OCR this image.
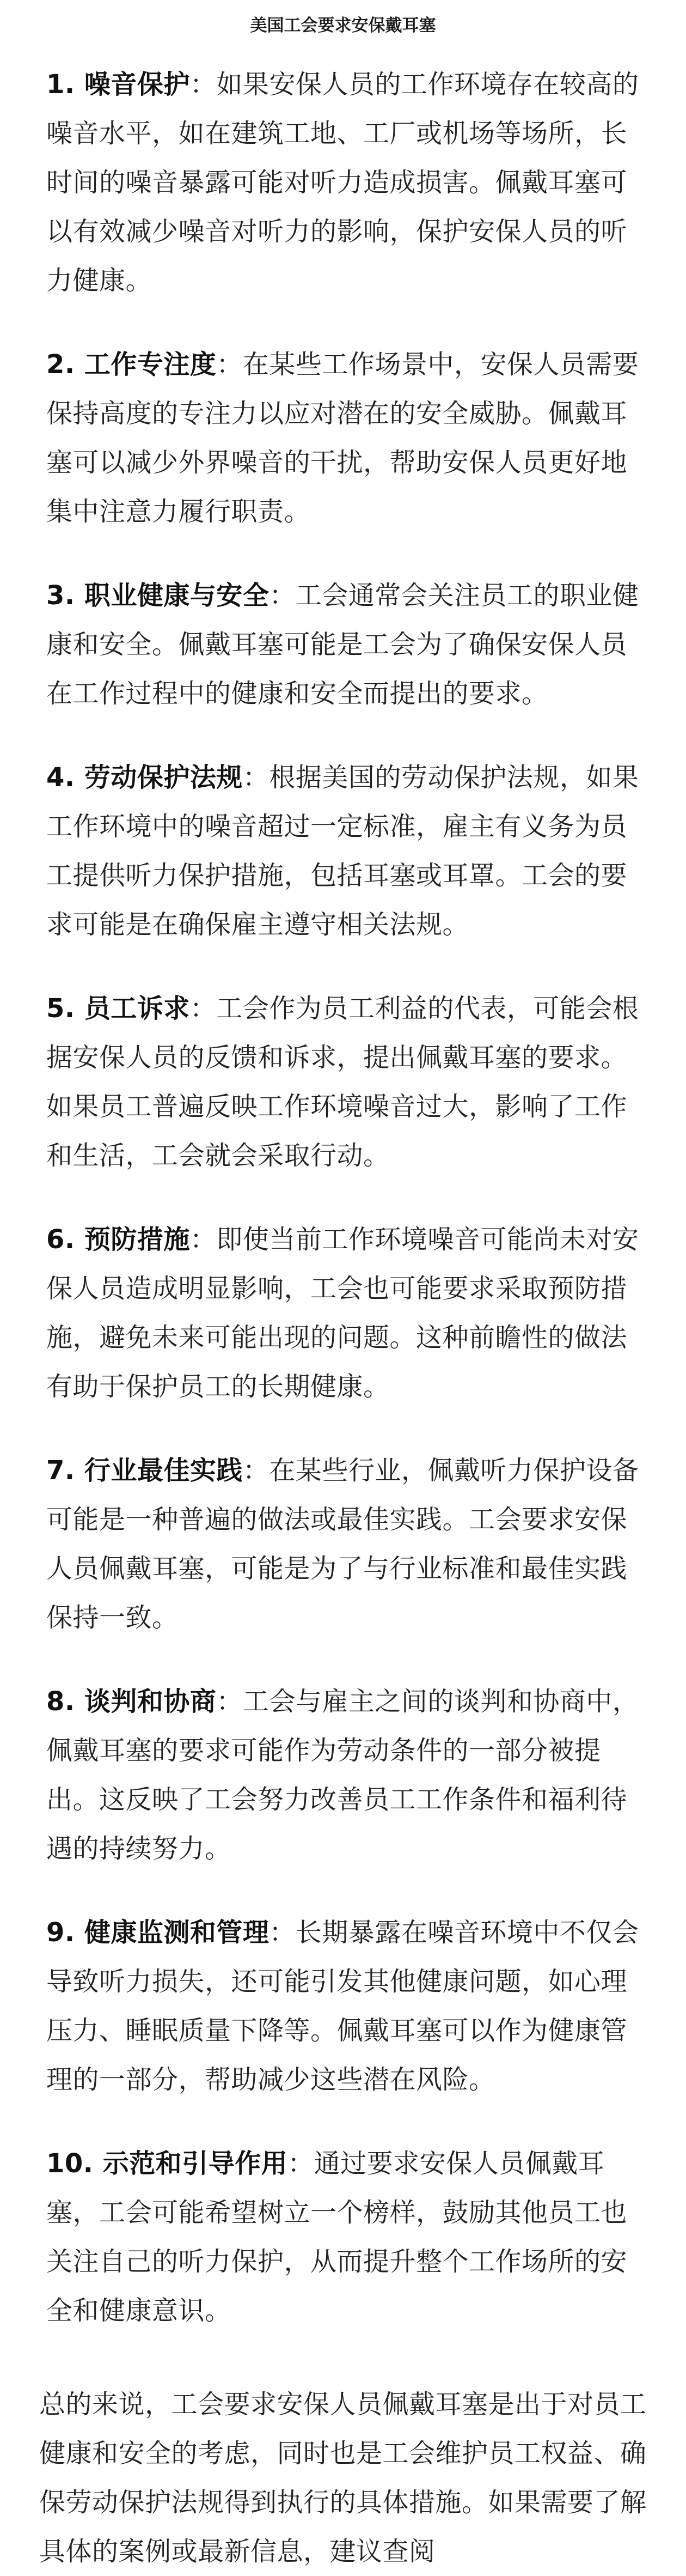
美国工会要求安保戴耳塞

1. 噪音保护：如果安保人员的工作环境存在较高的噪音水平，如在建筑工地、工厂或机场等场所，长时间的噪音暴露可能对听力造成损害。佩戴耳塞可以有效减少噪音对听力的影响，保护安保人员的听力健康。

2. 工作专注度：在某些工作场景中，安保人员需要保持高度的专注力以应对潜在的安全威胁。佩戴耳塞可以减少外界噪音的干扰，帮助安保人员更好地集中注意力履行职责。

3. 职业健康与安全：工会通常会关注员工的职业健康和安全。佩戴耳塞可能是工会为了确保安保人员在工作过程中的健康和安全而提出的要求。

4. 劳动保护法规：根据美国的劳动保护法规，如果工作环境中的噪音超过一定标准，雇主有义务为员工提供听力保护措施，包括耳塞或耳罩。工会的要求可能是在确保雇主遵守相关法规。

5. 员工诉求：工会作为员工利益的代表，可能会根据安保人员的反馈和诉求，提出佩戴耳塞的要求。如果员工普遍反映工作环境噪音过大，影响了工作和生活，工会就会采取行动。

6. 预防措施：即使当前工作环境噪音可能尚未对安保人员造成明显影响，工会也可能要求采取预防措施，避免未来可能出现的问题。这种前瞻性的做法有助于保护员工的长期健康。

7. 行业最佳实践：在某些行业，佩戴听力保护设备可能是一种普遍的做法或最佳实践。工会要求安保人员佩戴耳塞，可能是为了与行业标准和最佳实践保持一致。

8. 谈判和协商：工会与雇主之间的谈判和协商中，佩戴耳塞的要求可能作为劳动条件的一部分被提出。这反映了工会努力改善员工工作条件和福利待遇的持续努力。

9. 健康监测和管理：长期暴露在噪音环境中不仅会导致听力损失，还可能引发其他健康问题，如心理压力、睡眠质量下降等。佩戴耳塞可以作为健康管理的一部分，帮助减少这些潜在风险。

10. 示范和引导作用：通过要求安保人员佩戴耳塞，工会可能希望树立一个榜样，鼓励其他员工也关注自己的听力保护，从而提升整个工作场所的安全和健康意识。

总的来说，工会要求安保人员佩戴耳塞是出于对员工健康和安全的考虑，同时也是工会维护员工权益、确保劳动保护法规得到执行的具体措施。如果需要了解具体的案例或最新信息，建议查阅
